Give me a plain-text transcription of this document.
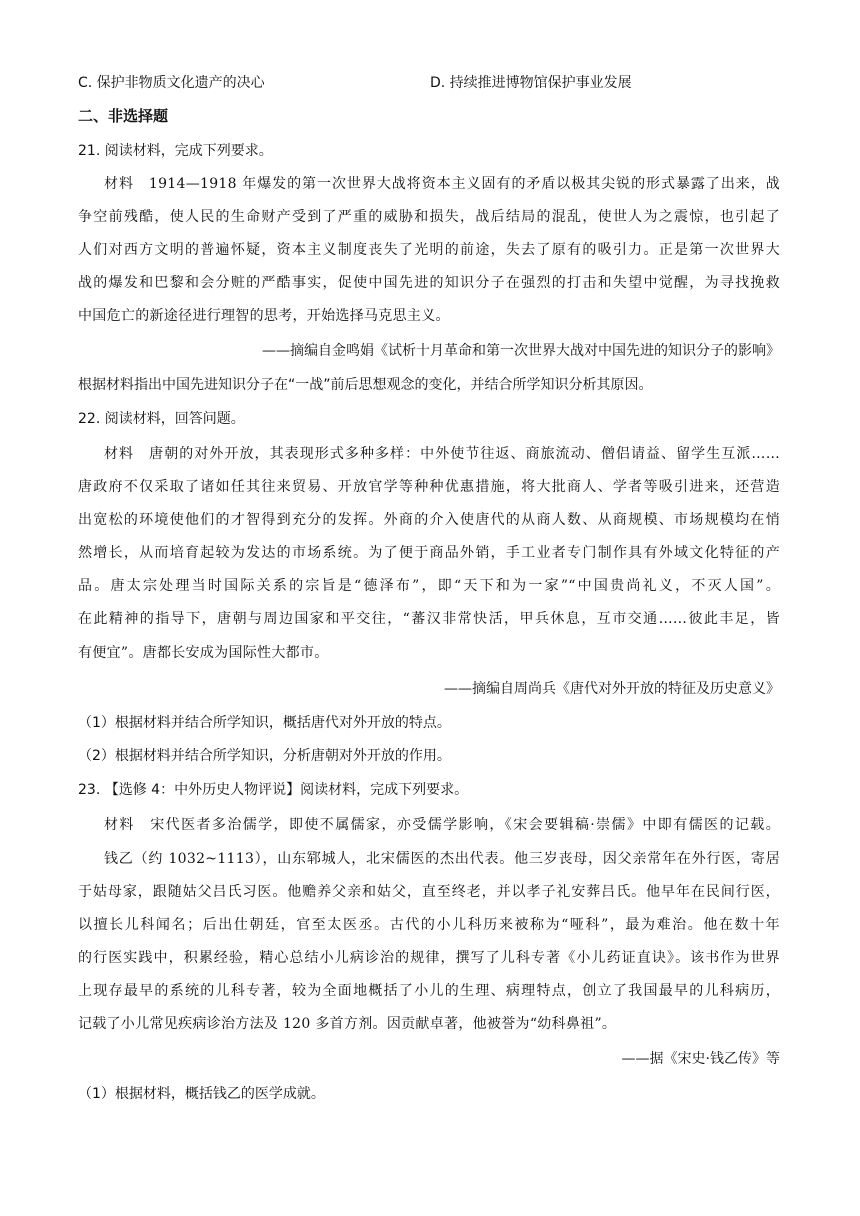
C. 保护非物质文化遗产的决心	D. 持续推进博物馆保护事业发展
二、非选择题
21. 阅读材料，完成下列要求。
材料　1914—1918 年爆发的第一次世界大战将资本主义固有的矛盾以极其尖锐的形式暴露了出来，战
争空前残酷，使人民的生命财产受到了严重的威胁和损失，战后结局的混乱，使世人为之震惊，也引起了
人们对西方文明的普遍怀疑，资本主义制度丧失了光明的前途，失去了原有的吸引力。正是第一次世界大
战的爆发和巴黎和会分赃的严酷事实，促使中国先进的知识分子在强烈的打击和失望中觉醒，为寻找挽救
中国危亡的新途径进行理智的思考，开始选择马克思主义。
——摘编自金鸣娟《试析十月革命和第一次世界大战对中国先进的知识分子的影响》
根据材料指出中国先进知识分子在“一战”前后思想观念的变化，并结合所学知识分析其原因。
22. 阅读材料，回答问题。
材料　唐朝的对外开放，其表现形式多种多样：中外使节往返、商旅流动、僧侣请益、留学生互派……
唐政府不仅采取了诸如任其往来贸易、开放官学等种种优惠措施，将大批商人、学者等吸引进来，还营造
出宽松的环境使他们的才智得到充分的发挥。外商的介入使唐代的从商人数、从商规模、市场规模均在悄
然增长，从而培育起较为发达的市场系统。为了便于商品外销，手工业者专门制作具有外域文化特征的产
品。唐太宗处理当时国际关系的宗旨是“德泽布”，即“天下和为一家”“中国贵尚礼义，不灭人国”。
在此精神的指导下，唐朝与周边国家和平交往，“蕃汉非常快活，甲兵休息，互市交通……彼此丰足，皆
有便宜”。唐都长安成为国际性大都市。
——摘编自周尚兵《唐代对外开放的特征及历史意义》
（1）根据材料并结合所学知识，概括唐代对外开放的特点。
（2）根据材料并结合所学知识，分析唐朝对外开放的作用。
23. 【选修 4：中外历史人物评说】阅读材料，完成下列要求。
材料　宋代医者多治儒学，即使不属儒家，亦受儒学影响，《宋会要辑稿·崇儒》中即有儒医的记载。
钱乙（约 1032~1113），山东郓城人，北宋儒医的杰出代表。他三岁丧母，因父亲常年在外行医，寄居
于姑母家，跟随姑父吕氏习医。他赡养父亲和姑父，直至终老，并以孝子礼安葬吕氏。他早年在民间行医，
以擅长儿科闻名；后出仕朝廷，官至太医丞。古代的小儿科历来被称为“哑科”，最为难治。他在数十年
的行医实践中，积累经验，精心总结小儿病诊治的规律，撰写了儿科专著《小儿药证直诀》。该书作为世界
上现存最早的系统的儿科专著，较为全面地概括了小儿的生理、病理特点，创立了我国最早的儿科病历，
记载了小儿常见疾病诊治方法及 120 多首方剂。因贡献卓著，他被誉为“幼科鼻祖”。
——据《宋史·钱乙传》等
（1）根据材料，概括钱乙的医学成就。
